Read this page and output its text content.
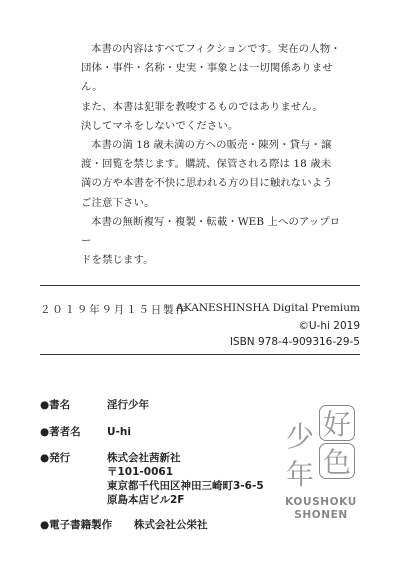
本書の内容はすべてフィクションです。実在の人物・

団体・事件・名称・史実・事象とは一切関係ありません。

また、本書は犯罪を教唆するものではありません。

決してマネをしないでください。

本書の満 18 歳未満の方への販売・陳列・貸与・譲

渡・回覧を禁じます。購読、保管される際は 18 歳未

満の方や本書を不快に思われる方の目に触れないよう

ご注意下さい。

本書の無断複写・複製・転載・WEB 上へのアップロー

ドを禁じます。

２０１９年９月１５日製作
AKANESHINSHA Digital Premium
©U-hi 2019
ISBN 978-4-909316-29-5
●書名	淫行少年
●著者名	U-hi
●発行	株式会社茜新社
〒101-0061
東京都千代田区神田三崎町3-6-5
原島本店ビル2F
●電子書籍製作 株式会社公栄社
少 好
年 色
KOUSHOKU
SHONEN
